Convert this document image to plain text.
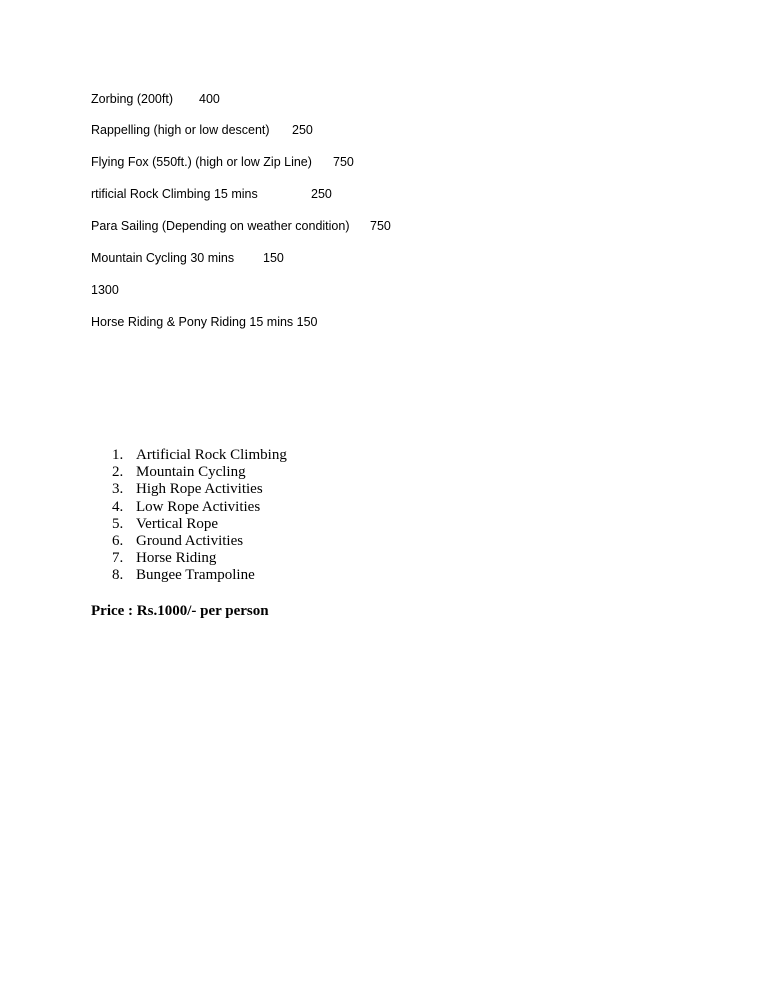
Zorbing (200ft) 400
Rappelling (high or low descent) 250
Flying Fox (550ft.) (high or low Zip Line) 750
rtificial Rock Climbing 15 mins	250
Para Sailing (Depending on weather condition) 750
Mountain Cycling 30 mins 150
1300
Horse Riding & Pony Riding 15 mins 150
1. Artificial Rock Climbing
2. Mountain Cycling
3. High Rope Activities
4. Low Rope Activities
5. Vertical Rope
6. Ground Activities
7. Horse Riding
8. Bungee Trampoline
Price : Rs.1000/- per person
